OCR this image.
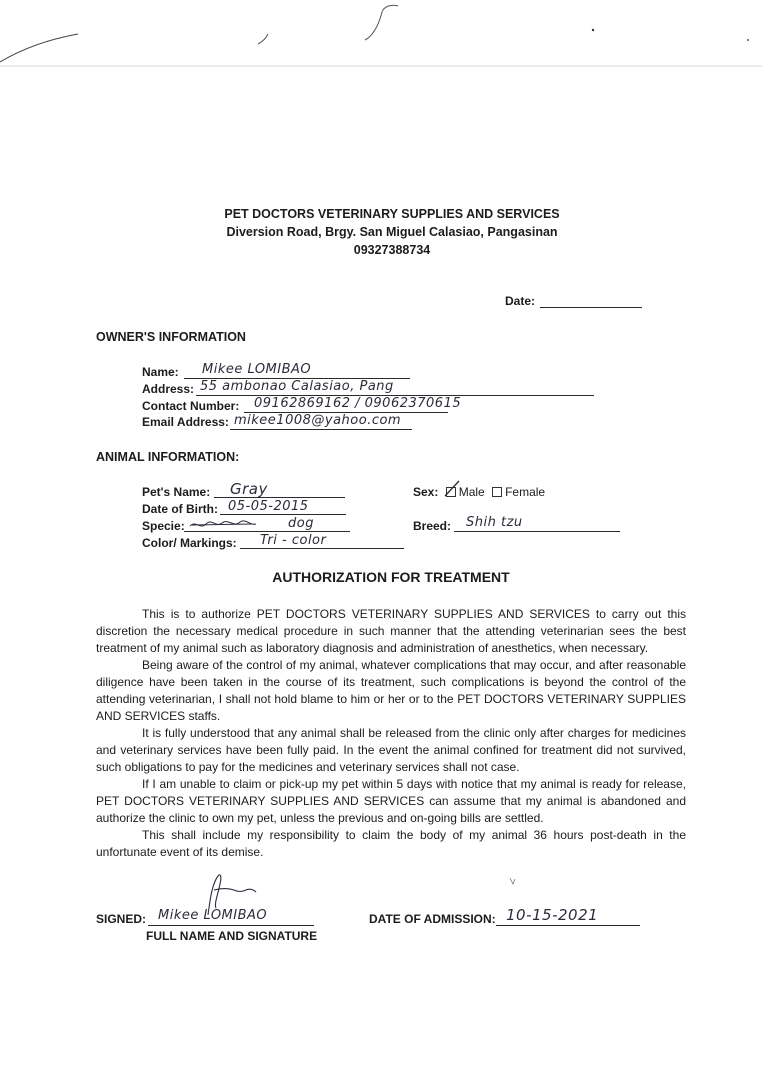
PET DOCTORS VETERINARY SUPPLIES AND SERVICES
Diversion Road, Brgy. San Miguel Calasiao, Pangasinan
09327388734
Date:
OWNER'S INFORMATION
Name: Mikee LOMIBAO
Address: 55 ambonao Calasiao, Pang
Contact Number: 09162869162 / 09062370615
Email Address: mikee1008@yahoo.com
ANIMAL INFORMATION:
Pet's Name: Gray
Date of Birth: 05-05-2015
Specie:	dog
Color/ Markings: Tri - color
Sex: Male Female
Breed: Shih tzu
AUTHORIZATION FOR TREATMENT

This is to authorize PET DOCTORS VETERINARY SUPPLIES AND SERVICES to carry out this discretion the necessary medical procedure in such manner that the attending veterinarian sees the best treatment of my animal such as laboratory diagnosis and administration of anesthetics, when necessary.

Being aware of the control of my animal, whatever complications that may occur, and after reasonable diligence have been taken in the course of its treatment, such complications is beyond the control of the attending veterinarian, I shall not hold blame to him or her or to the PET DOCTORS VETERINARY SUPPLIES AND SERVICES staffs.

It is fully understood that any animal shall be released from the clinic only after charges for medicines and veterinary services have been fully paid. In the event the animal confined for treatment did not survived, such obligations to pay for the medicines and veterinary services shall not case.

If I am unable to claim or pick-up my pet within 5 days with notice that my animal is ready for release, PET DOCTORS VETERINARY SUPPLIES AND SERVICES can assume that my animal is abandoned and authorize the clinic to own my pet, unless the previous and on-going bills are settled.

This shall include my responsibility to claim the body of my animal 36 hours post-death in the unfortunate event of its demise.

SIGNED: Mikee LOMIBAO
FULL NAME AND SIGNATURE
DATE OF ADMISSION: 10-15-2021
